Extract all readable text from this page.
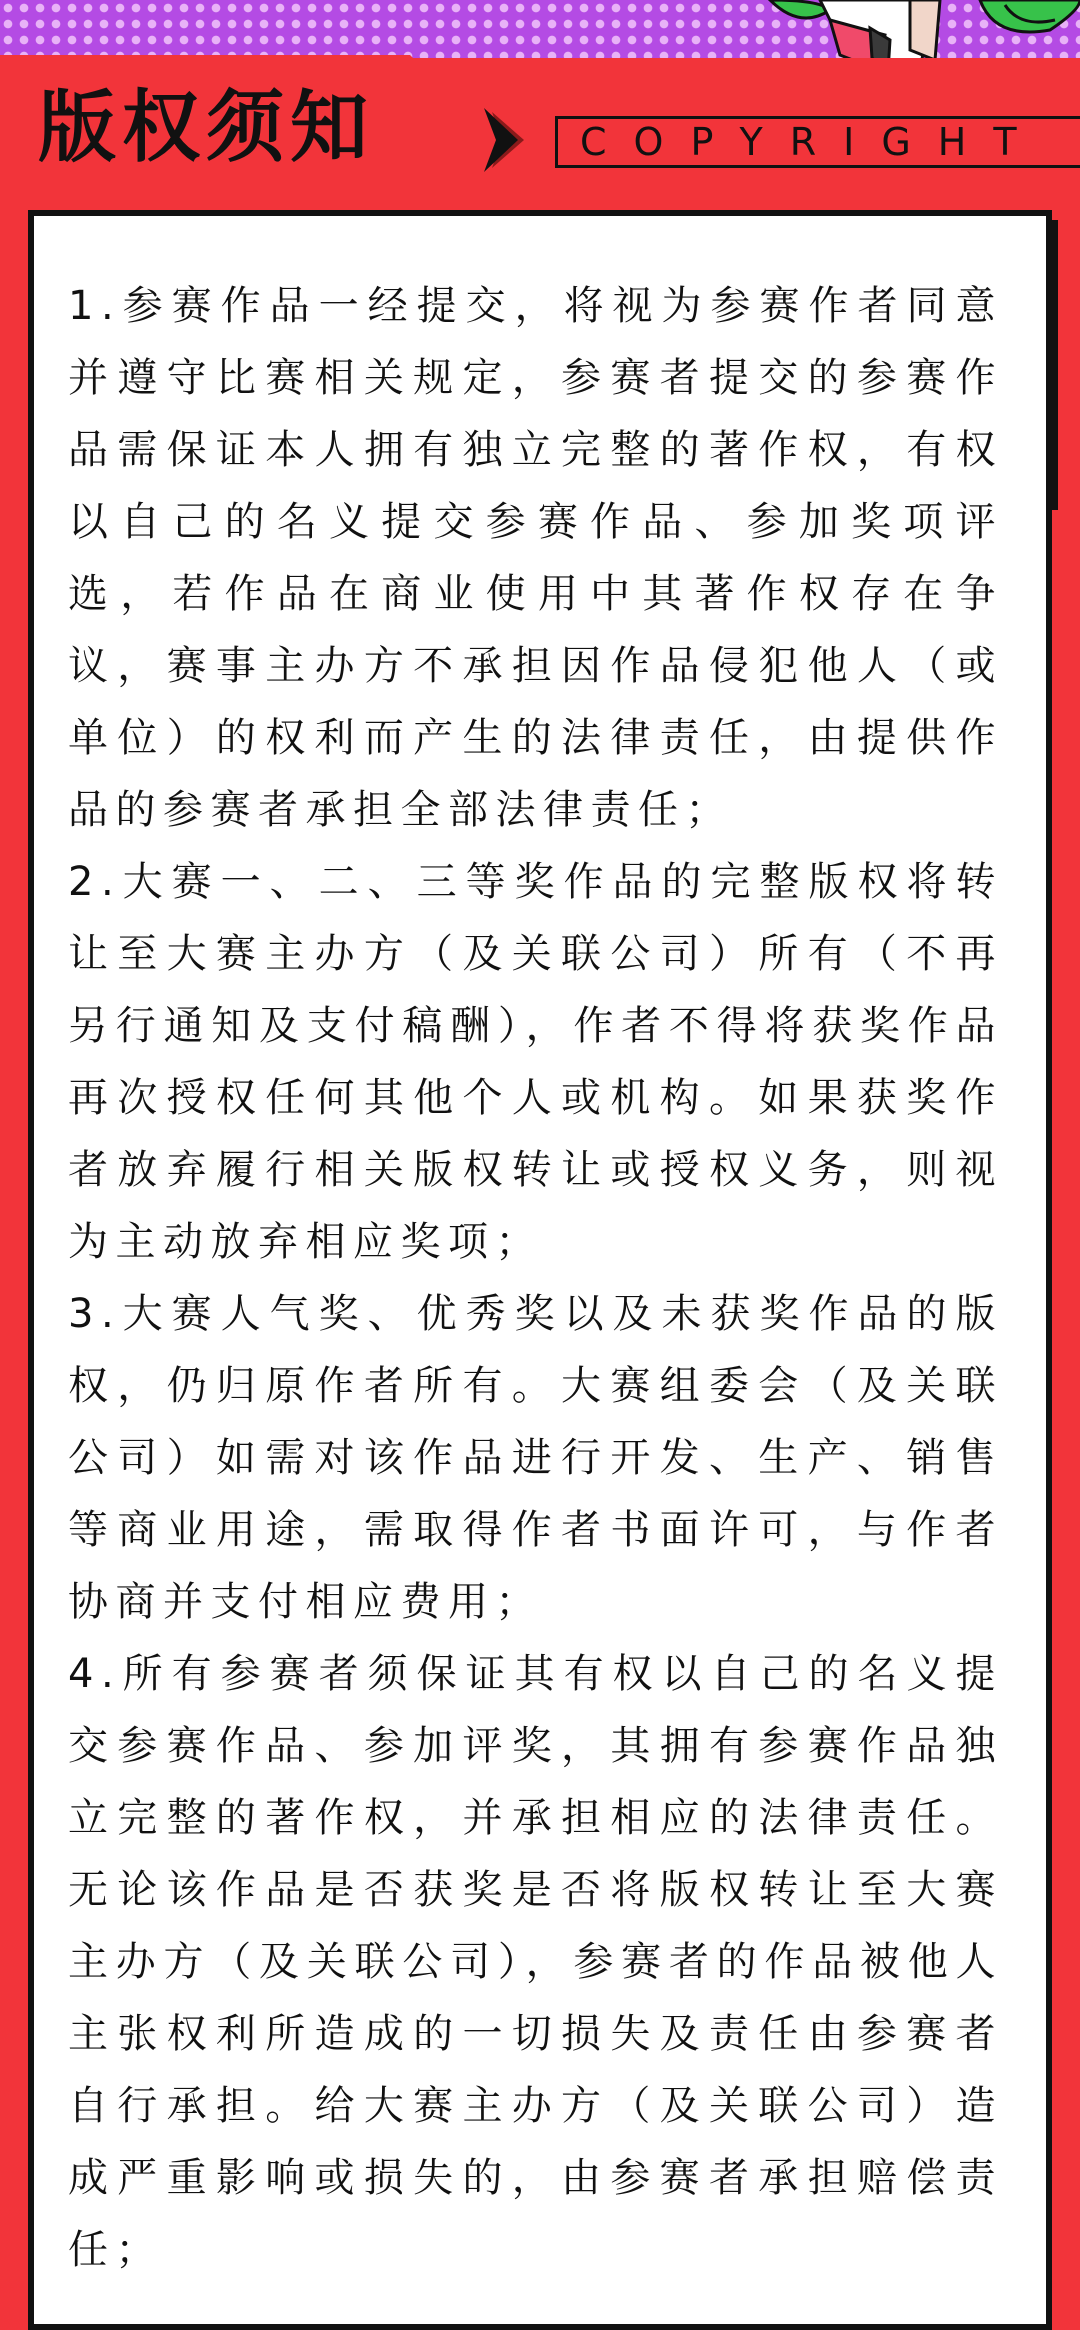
版权须知	COPYRIGHT

1.参赛作品一经提交，将视为参赛作者同意并遵守比赛相关规定，参赛者提交的参赛作品需保证本人拥有独立完整的著作权，有权以自己的名义提交参赛作品、参加奖项评选，若作品在商业使用中其著作权存在争议，赛事主办方不承担因作品侵犯他人（或单位）的权利而产生的法律责任，由提供作品的参赛者承担全部法律责任；

2.大赛一、二、三等奖作品的完整版权将转让至大赛主办方（及关联公司）所有（不再另行通知及支付稿酬），作者不得将获奖作品再次授权任何其他个人或机构。如果获奖作者放弃履行相关版权转让或授权义务，则视为主动放弃相应奖项；

3.大赛人气奖、优秀奖以及未获奖作品的版权，仍归原作者所有。大赛组委会（及关联公司）如需对该作品进行开发、生产、销售等商业用途，需取得作者书面许可，与作者协商并支付相应费用；

4.所有参赛者须保证其有权以自己的名义提交参赛作品、参加评奖，其拥有参赛作品独立完整的著作权，并承担相应的法律责任。无论该作品是否获奖是否将版权转让至大赛主办方（及关联公司），参赛者的作品被他人主张权利所造成的一切损失及责任由参赛者自行承担。给大赛主办方（及关联公司）造成严重影响或损失的，由参赛者承担赔偿责任；
